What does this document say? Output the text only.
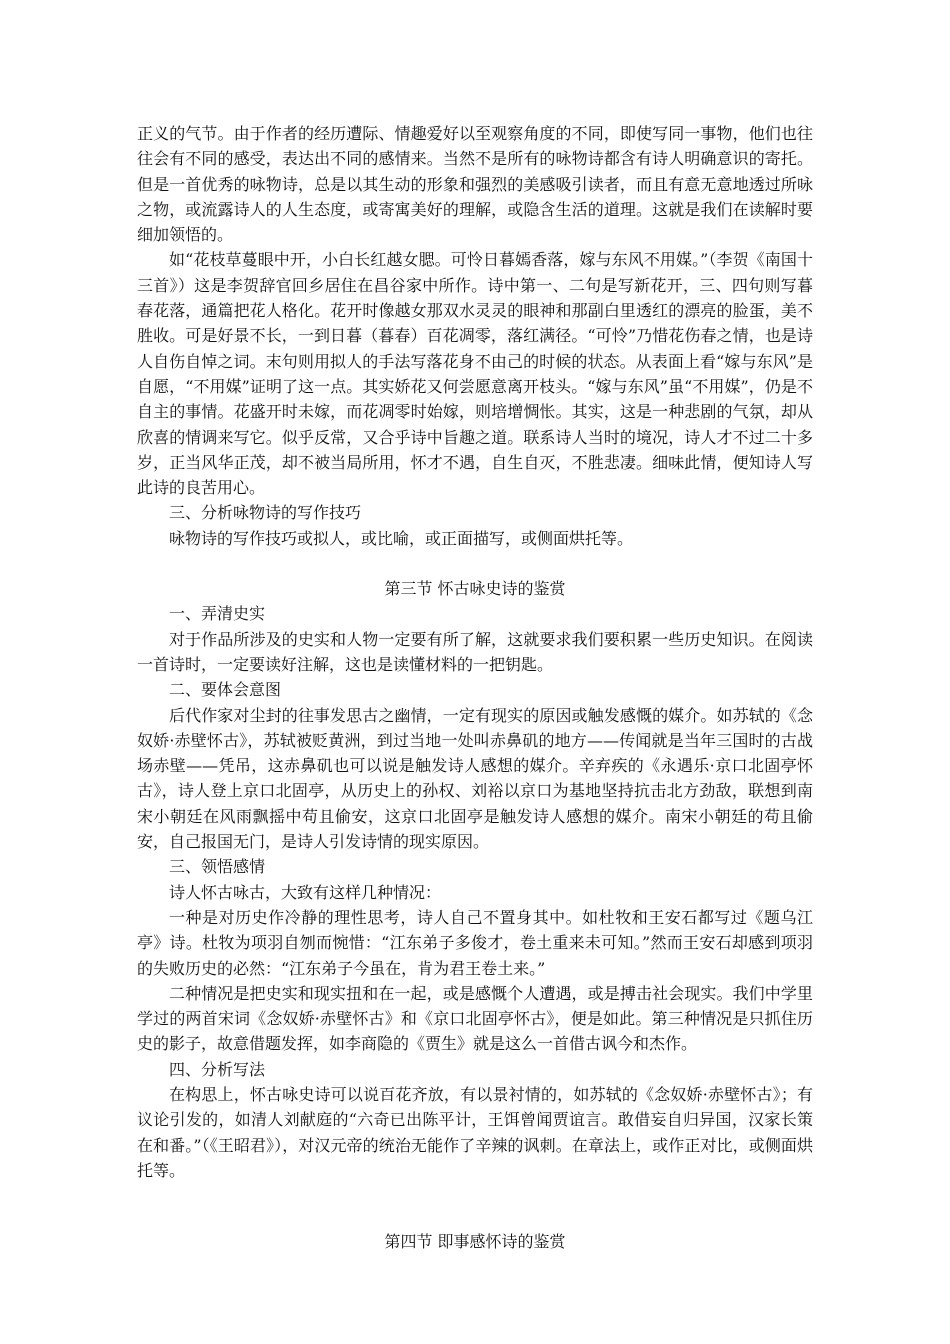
正义的气节。由于作者的经历遭际、情趣爱好以至观察角度的不同，即使写同一事物，他们也往往会有不同的感受，表达出不同的感情来。当然不是所有的咏物诗都含有诗人明确意识的寄托。但是一首优秀的咏物诗，总是以其生动的形象和强烈的美感吸引读者，而且有意无意地透过所咏之物，或流露诗人的人生态度，或寄寓美好的理解，或隐含生活的道理。这就是我们在读解时要细加领悟的。

如“花枝草蔓眼中开，小白长红越女腮。可怜日暮嫣香落，嫁与东风不用媒。”（李贺《南国十三首》）这是李贺辞官回乡居住在昌谷家中所作。诗中第一、二句是写新花开，三、四句则写暮春花落，通篇把花人格化。花开时像越女那双水灵灵的眼神和那副白里透红的漂亮的脸蛋，美不胜收。可是好景不长，一到日暮（暮春）百花凋零，落红满径。“可怜”乃惜花伤春之情，也是诗人自伤自悼之词。末句则用拟人的手法写落花身不由己的时候的状态。从表面上看“嫁与东风”是自愿，“不用媒”证明了这一点。其实娇花又何尝愿意离开枝头。“嫁与东风”虽“不用媒”，仍是不自主的事情。花盛开时未嫁，而花凋零时始嫁，则培增惆怅。其实，这是一种悲剧的气氛，却从欣喜的情调来写它。似乎反常，又合乎诗中旨趣之道。联系诗人当时的境况，诗人才不过二十多岁，正当风华正茂，却不被当局所用，怀才不遇，自生自灭，不胜悲凄。细味此情，便知诗人写此诗的良苦用心。

三、分析咏物诗的写作技巧

咏物诗的写作技巧或拟人，或比喻，或正面描写，或侧面烘托等。

第三节 怀古咏史诗的鉴赏

一、弄清史实

对于作品所涉及的史实和人物一定要有所了解，这就要求我们要积累一些历史知识。在阅读一首诗时，一定要读好注解，这也是读懂材料的一把钥匙。

二、要体会意图

后代作家对尘封的往事发思古之幽情，一定有现实的原因或触发感慨的媒介。如苏轼的《念奴娇·赤壁怀古》，苏轼被贬黄洲，到过当地一处叫赤鼻矶的地方——传闻就是当年三国时的古战场赤壁——凭吊，这赤鼻矶也可以说是触发诗人感想的媒介。辛弃疾的《永遇乐·京口北固亭怀古》，诗人登上京口北固亭，从历史上的孙权、刘裕以京口为基地坚持抗击北方劲敌，联想到南宋小朝廷在风雨飘摇中苟且偷安，这京口北固亭是触发诗人感想的媒介。南宋小朝廷的苟且偷安，自己报国无门，是诗人引发诗情的现实原因。

三、领悟感情

诗人怀古咏古，大致有这样几种情况：

一种是对历史作冷静的理性思考，诗人自己不置身其中。如杜牧和王安石都写过《题乌江亭》诗。杜牧为项羽自刎而惋惜：“江东弟子多俊才，卷土重来未可知。”然而王安石却感到项羽的失败历史的必然：“江东弟子今虽在，肯为君王卷土来。”

二种情况是把史实和现实扭和在一起，或是感慨个人遭遇，或是搏击社会现实。我们中学里学过的两首宋词《念奴娇·赤壁怀古》和《京口北固亭怀古》，便是如此。第三种情况是只抓住历史的影子，故意借题发挥，如李商隐的《贾生》就是这么一首借古讽今和杰作。

四、分析写法

在构思上，怀古咏史诗可以说百花齐放，有以景衬情的，如苏轼的《念奴娇·赤壁怀古》；有议论引发的，如清人刘献庭的“六奇已出陈平计，王饵曾闻贾谊言。敢借妄自归异国，汉家长策在和番。”（《王昭君》），对汉元帝的统治无能作了辛辣的讽刺。在章法上，或作正对比，或侧面烘托等。

第四节 即事感怀诗的鉴赏
